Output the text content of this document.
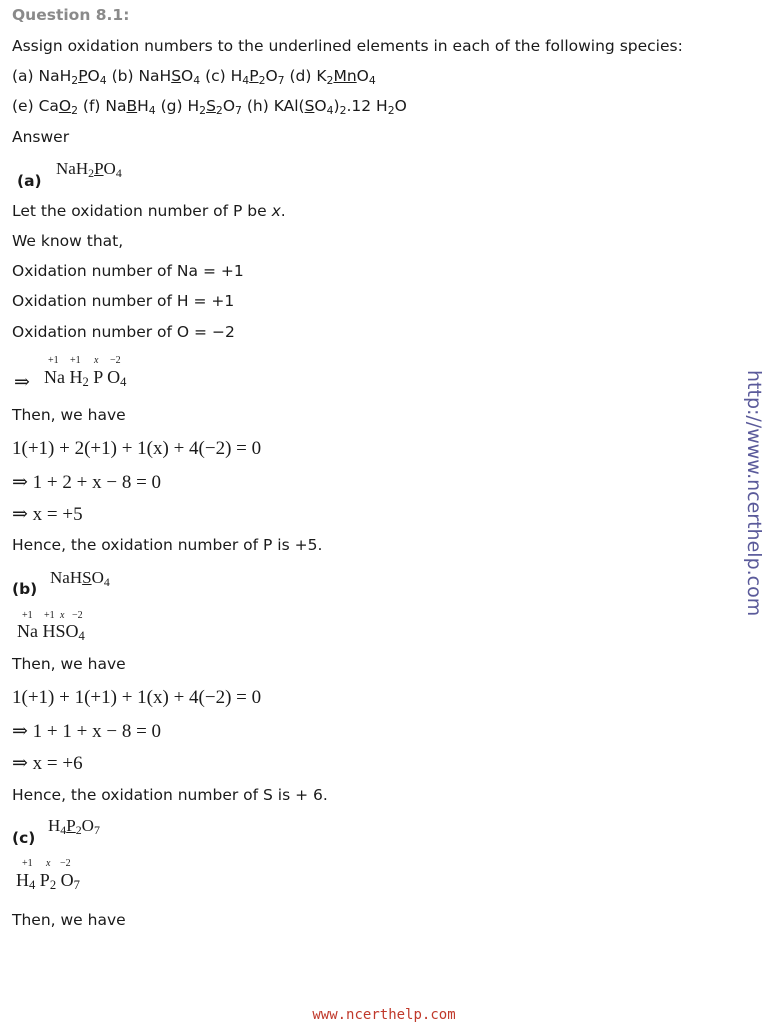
Question 8.1:
Assign oxidation numbers to the underlined elements in each of the following species:
(a) $NaH_2PO_4$ (b) NaHSO$_4$ (c) $H_4P_2O_7$ (d) $K_2MnO_4$
(e) CaO$_2$ (f) NaBH$_4$ (g) $H_2S_2O_7$ (h) $KAl(SO_4)_2.12$ $H_2O$
Answer
(a)
$NaH_2PO_4$
Let the oxidation number of P be x.
We know that,
Oxidation number of Na = +1
Oxidation number of H = +1
Oxidation number of O = −2
⇒
+1 +1 x −2
Na $H_2$ P $O_4$
Then, we have
1(+1) + 2(+1) + 1(x) + 4(−2) = 0
⇒ 1 + 2 + x − 8 = 0
⇒ x = +5
Hence, the oxidation number of P is +5.
(b)
NaHSO$_4$
+1 +1 x −2
Na $HSO_4$
Then, we have
1(+1) + 1(+1) + 1(x) + 4(−2) = 0
⇒ 1 + 1 + x − 8 = 0
⇒ x = +6
Hence, the oxidation number of S is + 6.
(c)
$H_4P_2O_7$
+1 x −2
$H_4$ $P_2$ $O_7$
Then, we have
http://www.ncerthelp.com
www.ncerthelp.com
